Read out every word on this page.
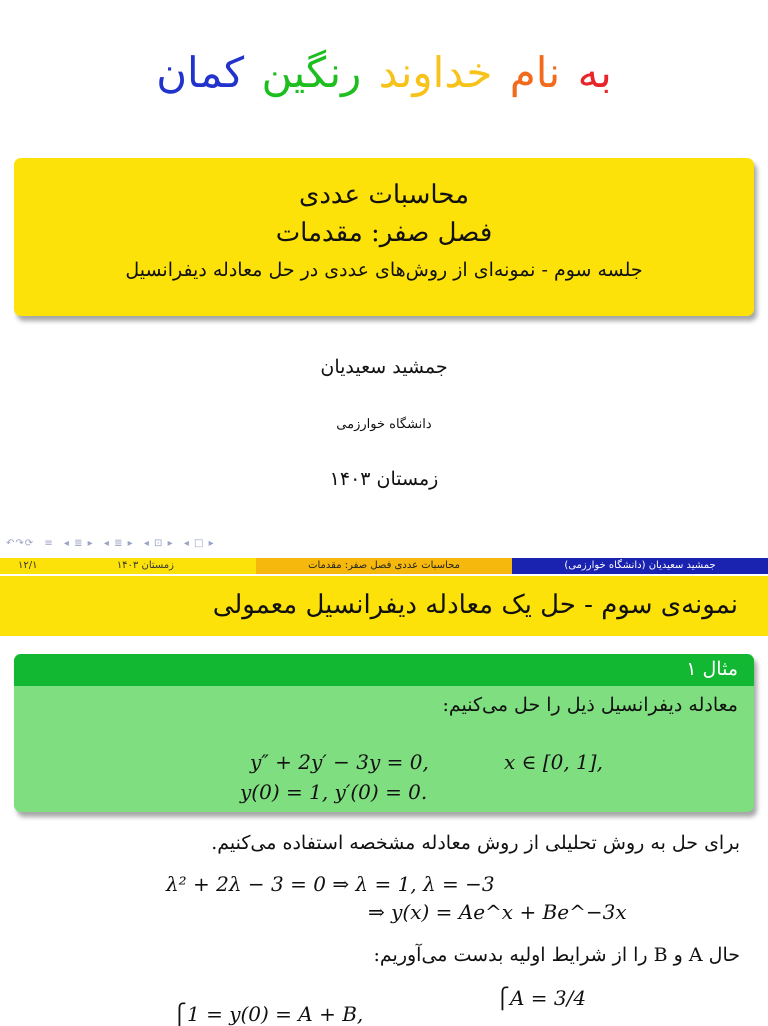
به نام خداوند رنگین کمان
محاسبات عددی
فصل صفر: مقدمات
جلسه سوم - نمونه‌ای از روش‌های عددی در حل معادله دیفرانسیل
جمشید سعیدیان
دانشگاه خوارزمی
زمستان ۱۴۰۳
↶↷⟳ ≡ ◂ ≣ ▸ ◂ ≣ ▸ ◂ ⊡ ▸ ◂ □ ▸
۱۲/۱	زمستان ۱۴۰۳	محاسبات عددی فصل صفر: مقدمات	جمشید سعیدیان (دانشگاه خوارزمی)
نمونه‌ی سوم - حل یک معادله دیفرانسیل معمولی
مثال ۱
معادله دیفرانسیل ذیل را حل می‌کنیم:
y″ + 2y′ − 3y = 0,	x ∈ [0, 1],
y(0) = 1, y′(0) = 0.
برای حل به روش تحلیلی از روش معادله مشخصه استفاده می‌کنیم.
λ² + 2λ − 3 = 0 ⇒ λ = 1, λ = −3
⇒ y(x) = Ae^x + Be^−3x
حال A و B را از شرایط اولیه بدست می‌آوریم:
⎧1 = y(0) = A + B,
⎧A = 3/4
